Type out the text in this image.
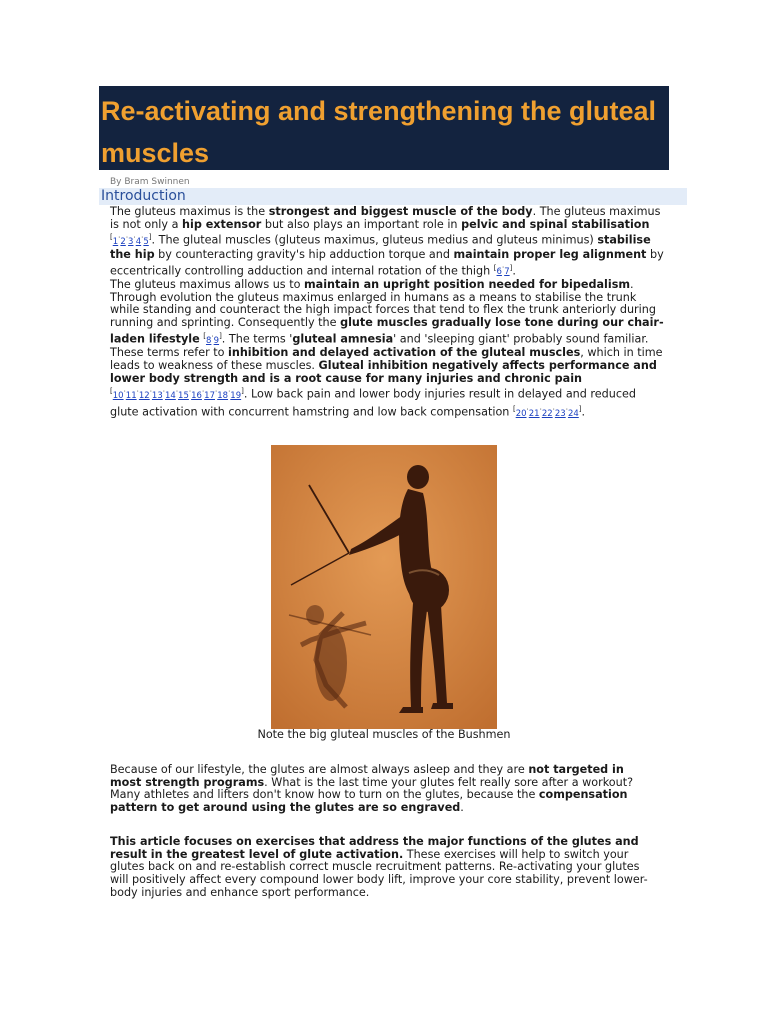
Re-activating and strengthening the gluteal muscles
By Bram Swinnen
Introduction

The gluteus maximus is the strongest and biggest muscle of the body. The gluteus maximus is not only a hip extensor but also plays an important role in pelvic and spinal stabilisation [1·2·3·4·5]. The gluteal muscles (gluteus maximus, gluteus medius and gluteus minimus) stabilise the hip by counteracting gravity's hip adduction torque and maintain proper leg alignment by eccentrically controlling adduction and internal rotation of the thigh [6·7].

The gluteus maximus allows us to maintain an upright position needed for bipedalism. Through evolution the gluteus maximus enlarged in humans as a means to stabilise the trunk while standing and counteract the high impact forces that tend to flex the trunk anteriorly during running and sprinting. Consequently the glute muscles gradually lose tone during our chair-laden lifestyle [8·9]. The terms 'gluteal amnesia' and 'sleeping giant' probably sound familiar. These terms refer to inhibition and delayed activation of the gluteal muscles, which in time leads to weakness of these muscles. Gluteal inhibition negatively affects performance and lower body strength and is a root cause for many injuries and chronic pain [10·11·12·13·14·15·16·17·18·19]. Low back pain and lower body injuries result in delayed and reduced glute activation with concurrent hamstring and low back compensation [20·21·22·23·24].

Note the big gluteal muscles of the Bushmen

Because of our lifestyle, the glutes are almost always asleep and they are not targeted in most strength programs. What is the last time your glutes felt really sore after a workout? Many athletes and lifters don't know how to turn on the glutes, because the compensation pattern to get around using the glutes are so engraved.

This article focuses on exercises that address the major functions of the glutes and result in the greatest level of glute activation. These exercises will help to switch your glutes back on and re-establish correct muscle recruitment patterns. Re-activating your glutes will positively affect every compound lower body lift, improve your core stability, prevent lower-body injuries and enhance sport performance.
